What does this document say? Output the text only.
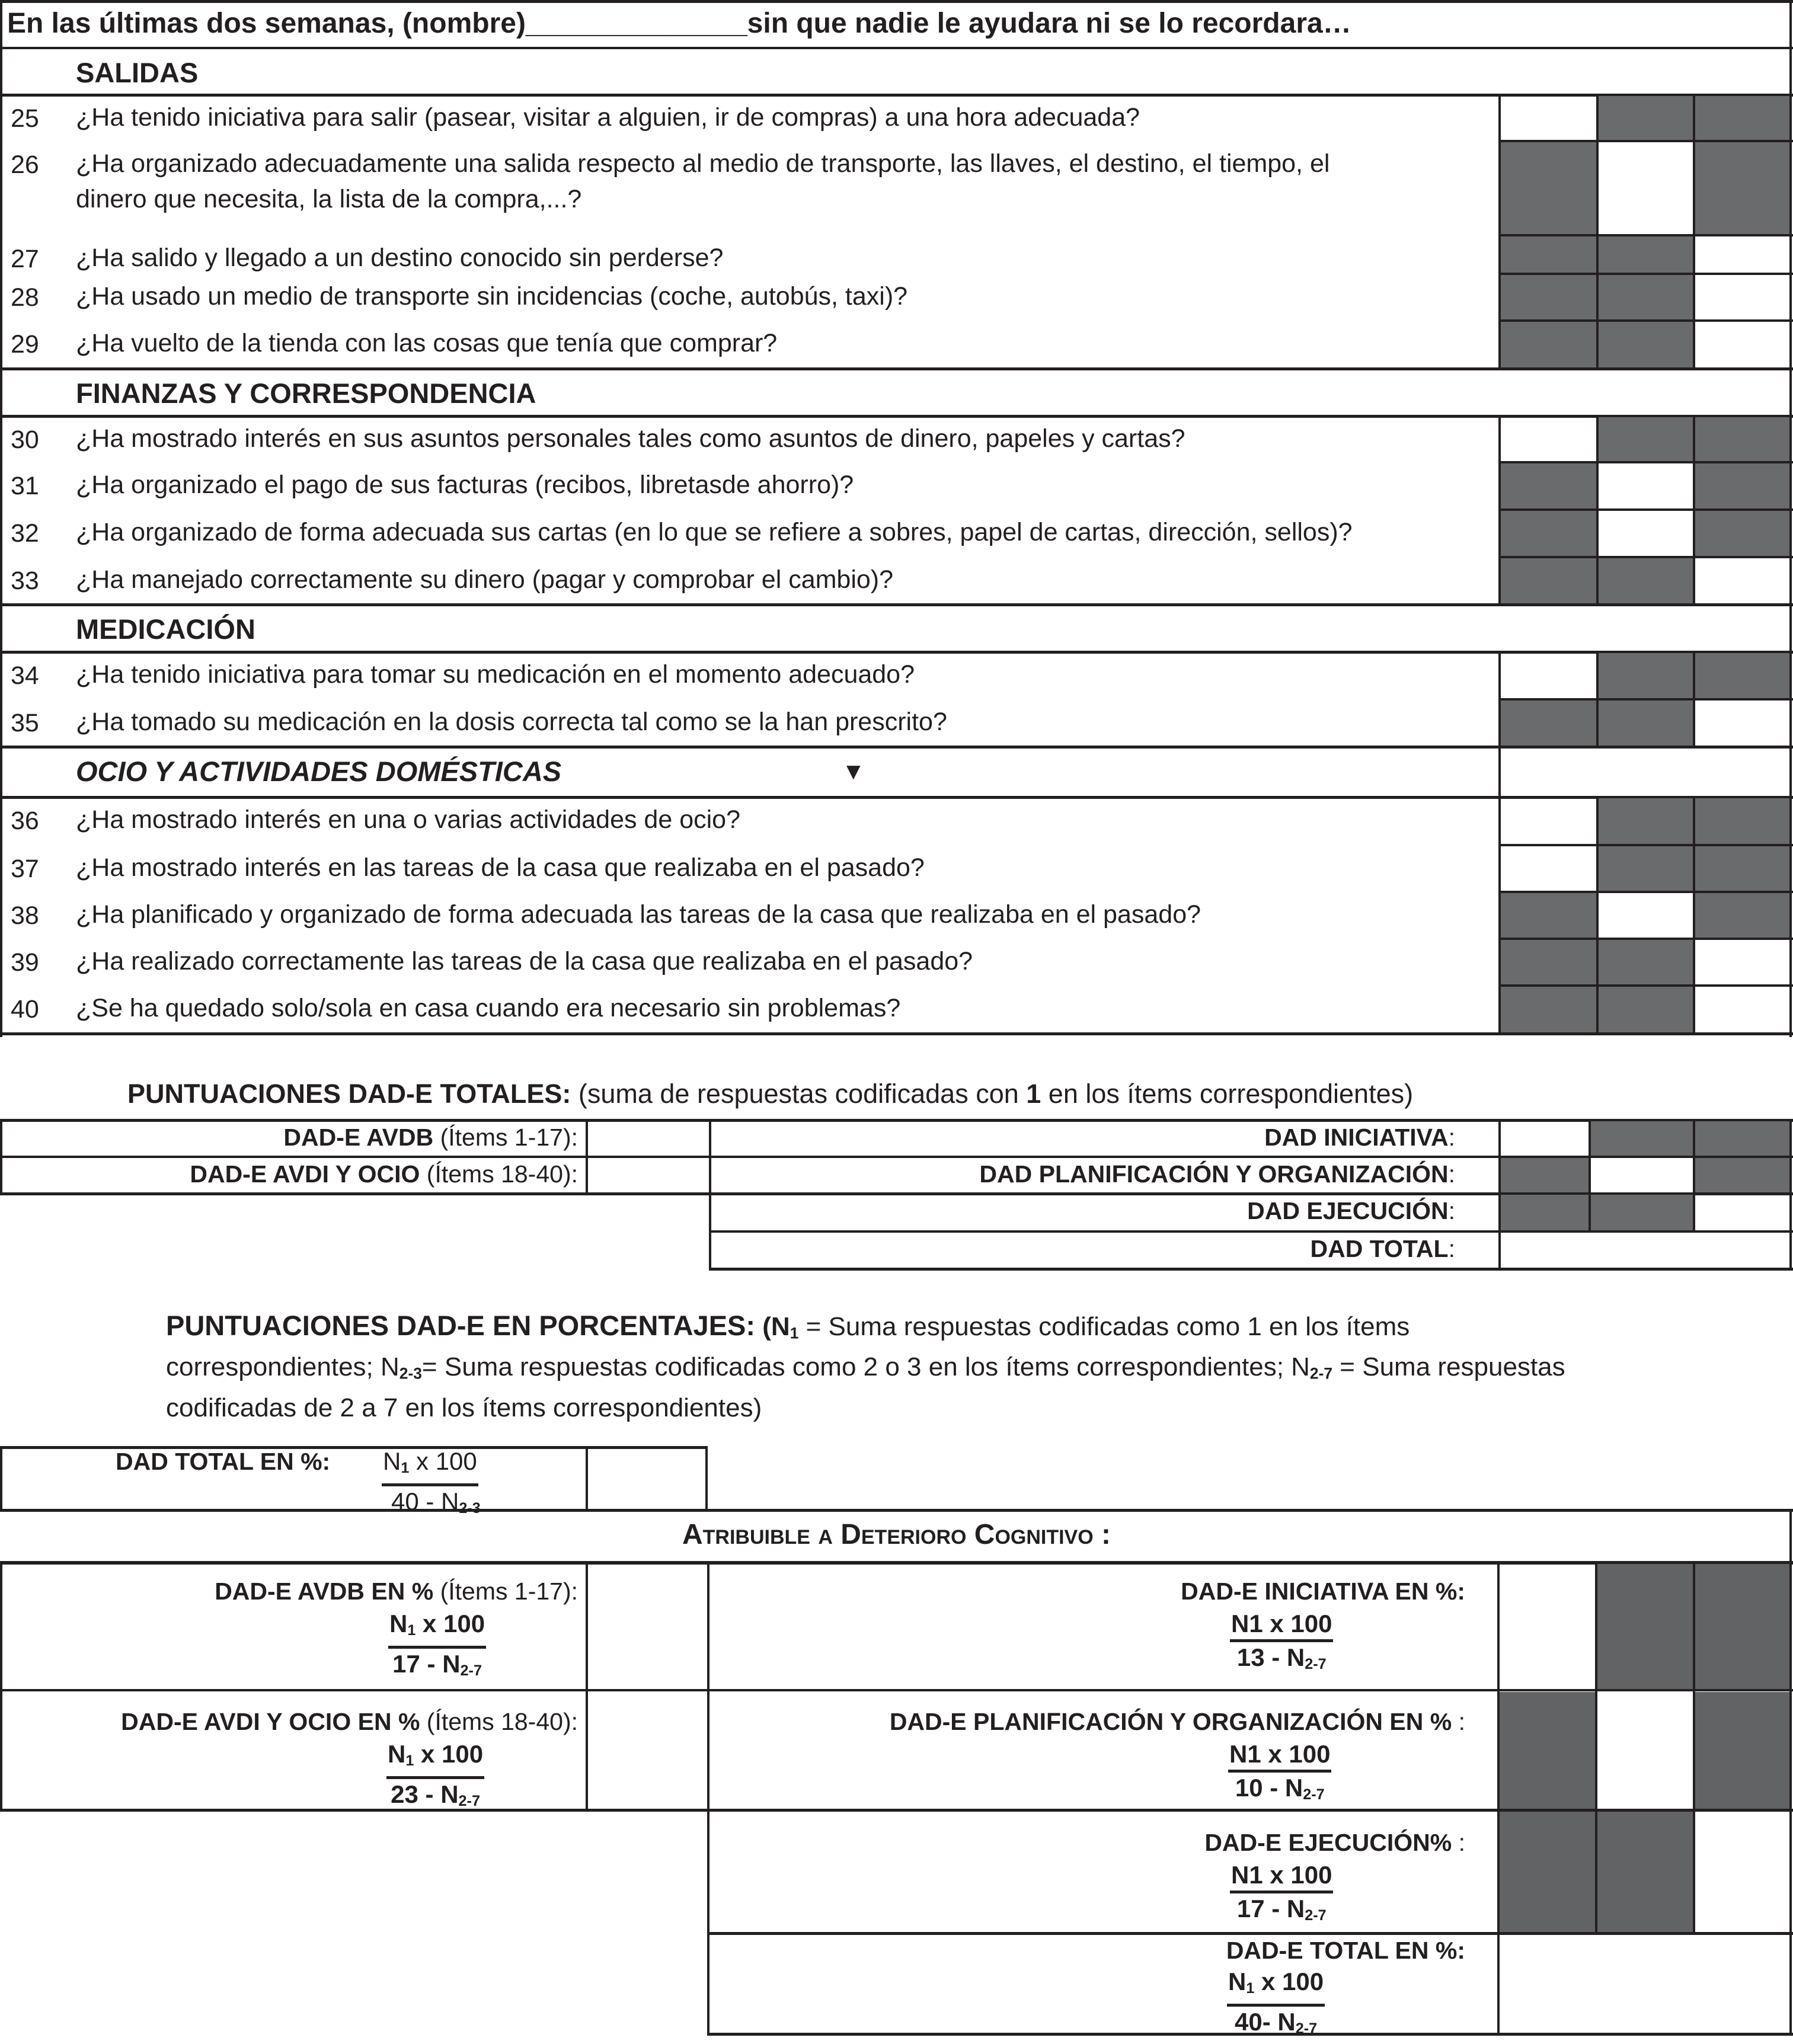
En las últimas dos semanas, (nombre)______________sin que nadie le ayudara ni se lo recordara…
PUNTUACIONES DAD-E TOTALES: (suma de respuestas codificadas con 1 en los ítems correspondientes)
PUNTUACIONES DAD-E EN PORCENTAJES: ($N_1$ = Suma respuestas codificadas como 1 en los ítems
correspondientes; $N_{2-3}=$ Suma respuestas codificadas como 2 o 3 en los ítems correspondientes; $N_{2-7}$ = Suma respuestas
codificadas de 2 a 7 en los ítems correspondientes)
SALIDAS
25 ¿Ha tenido iniciativa para salir (pasear, visitar a alguien, ir de compras) a una hora adecuada?
26 ¿Ha organizado adecuadamente una salida respecto al medio de transporte, las llaves, el destino, el tiempo, el
dinero que necesita, la lista de la compra,...?
27 ¿Ha salido y llegado a un destino conocido sin perderse?
28 ¿Ha usado un medio de transporte sin incidencias (coche, autobús, taxi)?
29 ¿Ha vuelto de la tienda con las cosas que tenía que comprar?
FINANZAS Y CORRESPONDENCIA
30 ¿Ha mostrado interés en sus asuntos personales tales como asuntos de dinero, papeles y cartas?
31 ¿Ha organizado el pago de sus facturas (recibos, libretasde ahorro)?
32 ¿Ha organizado de forma adecuada sus cartas (en lo que se refiere a sobres, papel de cartas, dirección, sellos)?
33 ¿Ha manejado correctamente su dinero (pagar y comprobar el cambio)?
MEDICACIÓN
34 ¿Ha tenido iniciativa para tomar su medicación en el momento adecuado?
35 ¿Ha tomado su medicación en la dosis correcta tal como se la han prescrito?
OCIO Y ACTIVIDADES DOMÉSTICAS	▼
36 ¿Ha mostrado interés en una o varias actividades de ocio?
37 ¿Ha mostrado interés en las tareas de la casa que realizaba en el pasado?
38 ¿Ha planificado y organizado de forma adecuada las tareas de la casa que realizaba en el pasado?
39 ¿Ha realizado correctamente las tareas de la casa que realizaba en el pasado?
40 ¿Se ha quedado solo/sola en casa cuando era necesario sin problemas?
DAD-E AVDB (Ítems 1-17):
DAD-E AVDI Y OCIO (Ítems 18-40):
DAD INICIATIVA:
DAD PLANIFICACIÓN Y ORGANIZACIÓN:
DAD EJECUCIÓN:
DAD TOTAL:
DAD TOTAL EN %: $N_1$ x 100
$40 - N_{2-3}$
Atribuible a Deterioro Cognitivo :
DAD-E AVDB EN % (Ítems 1-17):
$N_1$ x 100
$17 - N_{2-7}$
DAD-E AVDI Y OCIO EN % (Ítems 18-40):
$N_1$ x 100
$23 - N_{2-7}$
DAD-E INICIATIVA EN %:
N1 x 100
$13 - N_{2-7}$
DAD-E PLANIFICACIÓN Y ORGANIZACIÓN EN % :
N1 x 100
$10 - N_{2-7}$
DAD-E EJECUCIÓN% :
N1 x 100
$17 - N_{2-7}$
DAD-E TOTAL EN %:
$N_1$ x 100
40- $N_{2-7}$
